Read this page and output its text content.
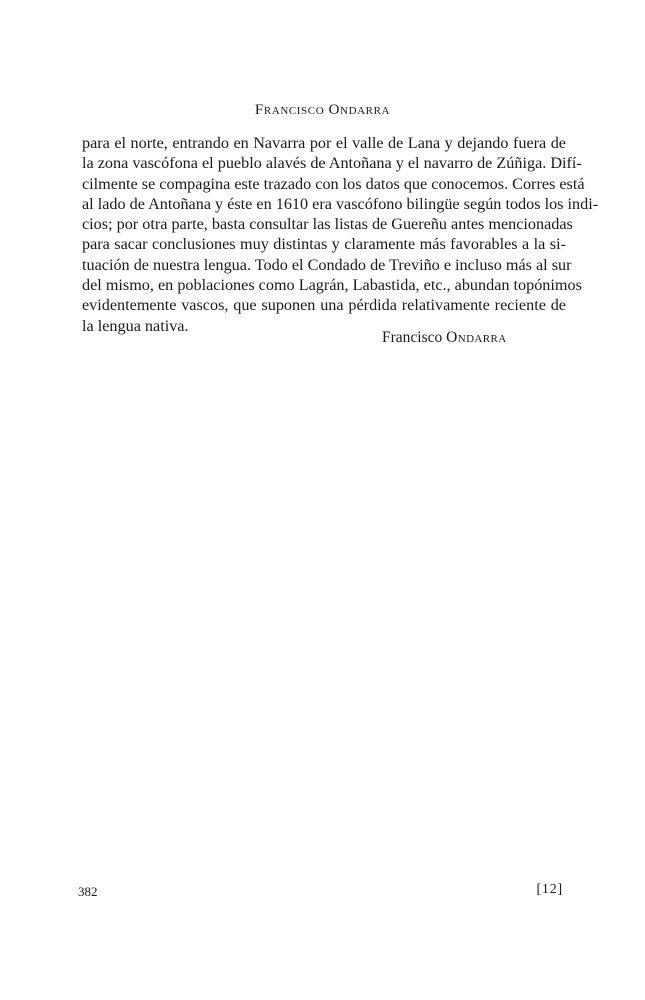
Francisco Ondarra
para el norte, entrando en Navarra por el valle de Lana y dejando fuera de
la zona vascófona el pueblo alavés de Antoñana y el navarro de Zúñiga. Difí-
cilmente se compagina este trazado con los datos que conocemos. Corres está
al lado de Antoñana y éste en 1610 era vascófono bilingüe según todos los indi-
cios; por otra parte, basta consultar las listas de Guereñu antes mencionadas
para sacar conclusiones muy distintas y claramente más favorables a la si-
tuación de nuestra lengua. Todo el Condado de Treviño e incluso más al sur
del mismo, en poblaciones como Lagrán, Labastida, etc., abundan topónimos
evidentemente vascos, que suponen una pérdida relativamente reciente de
la lengua nativa.
Francisco Ondarra
382	[12]
